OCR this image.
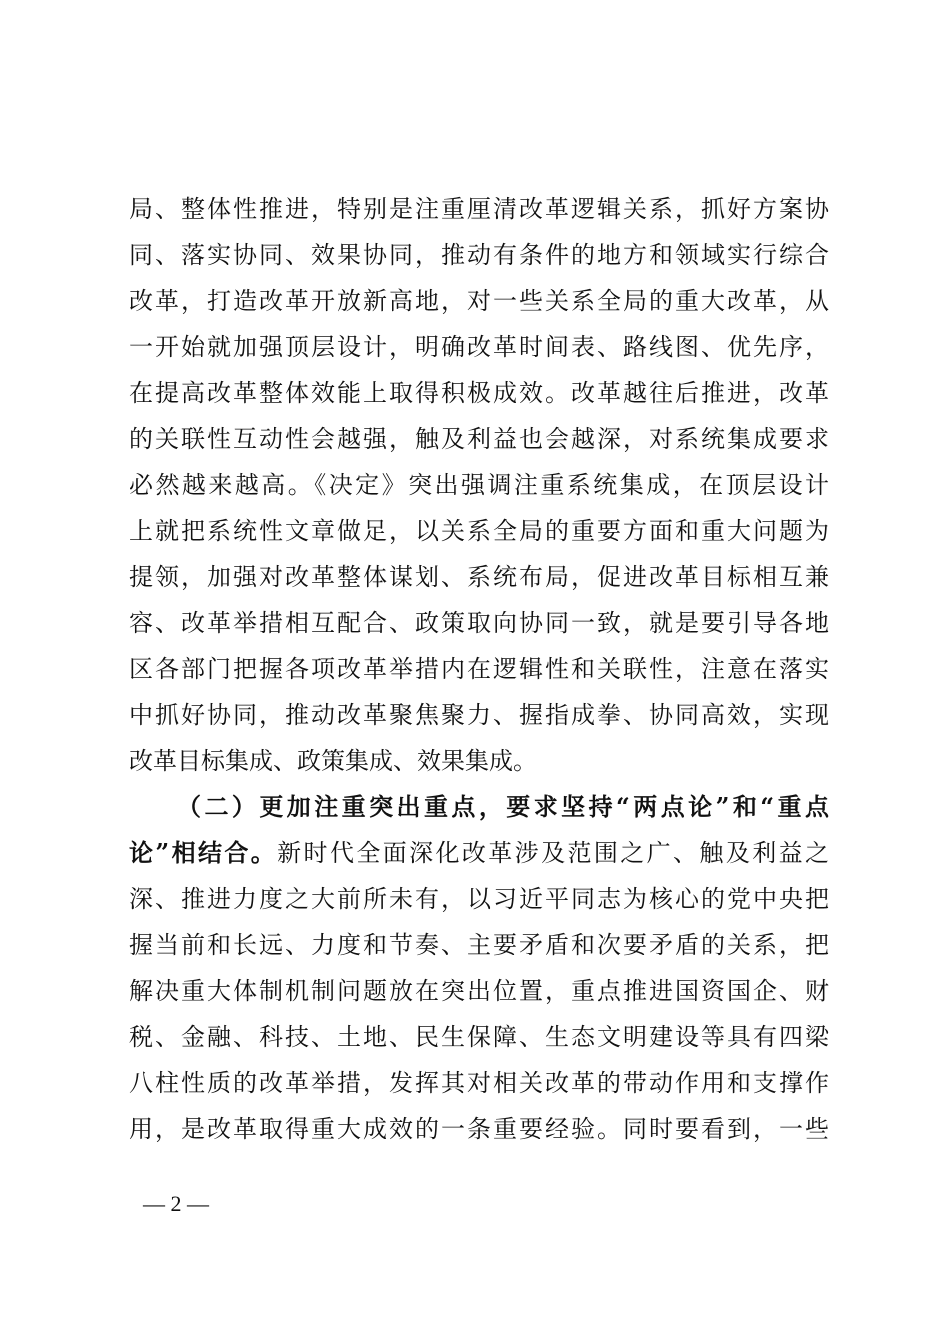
局、整体性推进，特别是注重厘清改革逻辑关系，抓好方案协
同、落实协同、效果协同，推动有条件的地方和领域实行综合
改革，打造改革开放新高地，对一些关系全局的重大改革，从
一开始就加强顶层设计，明确改革时间表、路线图、优先序，
在提高改革整体效能上取得积极成效。改革越往后推进，改革
的关联性互动性会越强，触及利益也会越深，对系统集成要求
必然越来越高。《决定》突出强调注重系统集成，在顶层设计
上就把系统性文章做足，以关系全局的重要方面和重大问题为
提领，加强对改革整体谋划、系统布局，促进改革目标相互兼
容、改革举措相互配合、政策取向协同一致，就是要引导各地
区各部门把握各项改革举措内在逻辑性和关联性，注意在落实
中抓好协同，推动改革聚焦聚力、握指成拳、协同高效，实现
改革目标集成、政策集成、效果集成。
（二）更加注重突出重点，要求坚持“两点论”和“重点
论”相结合。新时代全面深化改革涉及范围之广、触及利益之
深、推进力度之大前所未有，以习近平同志为核心的党中央把
握当前和长远、力度和节奏、主要矛盾和次要矛盾的关系，把
解决重大体制机制问题放在突出位置，重点推进国资国企、财
税、金融、科技、土地、民生保障、生态文明建设等具有四梁
八柱性质的改革举措，发挥其对相关改革的带动作用和支撑作
用，是改革取得重大成效的一条重要经验。同时要看到，一些
— 2 —
